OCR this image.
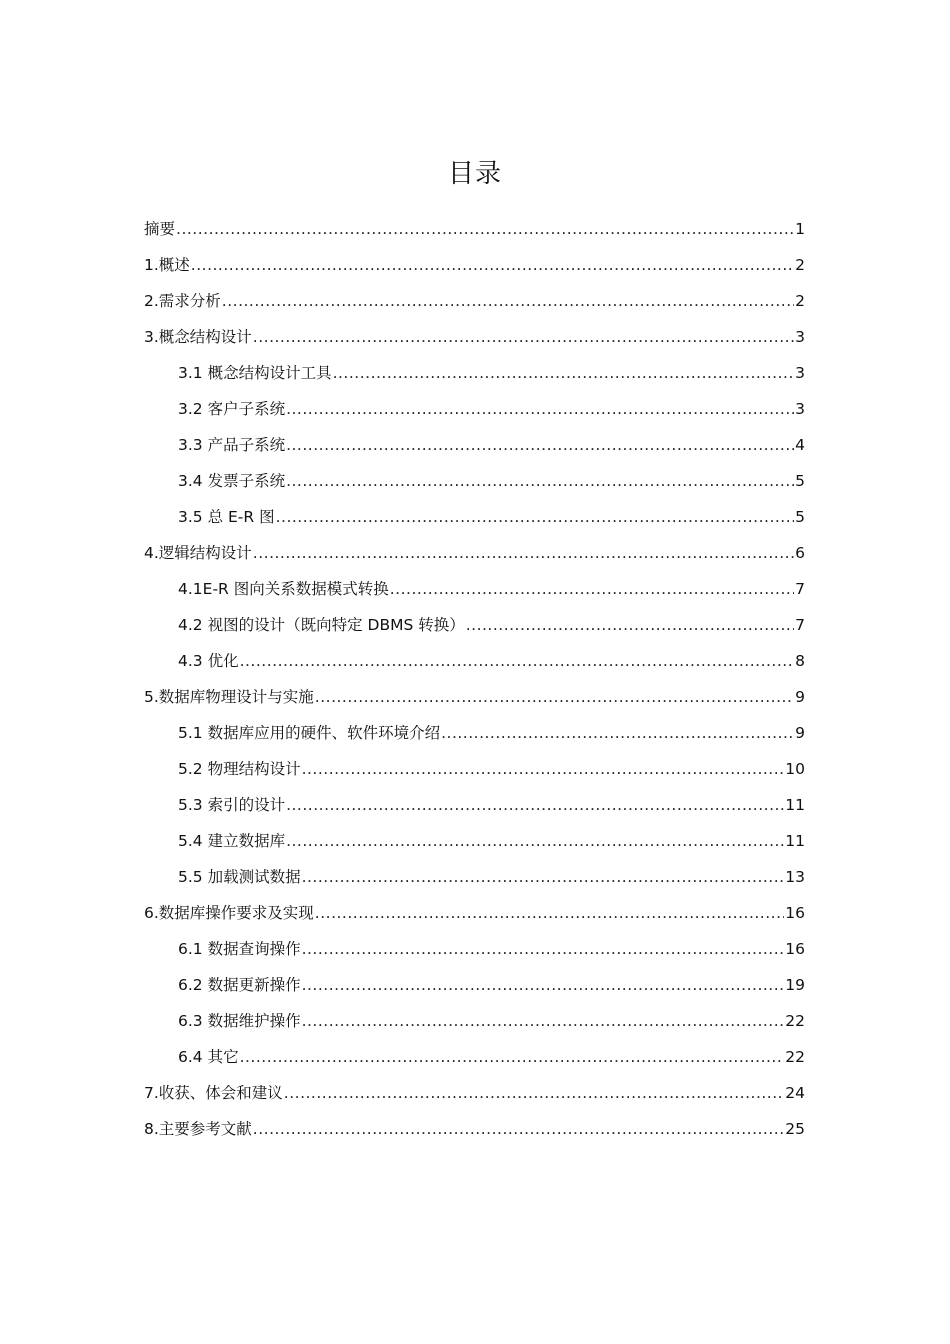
目录
摘要 .....	1
1.概述 .....	2
2.需求分析 .....	2
3.概念结构设计 .....	3
3.1 概念结构设计工具 .....	3
3.2 客户子系统 .....	3
3.3 产品子系统 .....	4
3.4 发票子系统 .....	5
3.5 总 E-R 图 .....	5
4.逻辑结构设计 .....	6
4.1E-R 图向关系数据模式转换 .....	7
4.2 视图的设计（既向特定 DBMS 转换） .....	7
4.3 优化 .....	8
5.数据库物理设计与实施 .....	9
5.1 数据库应用的硬件、软件环境介绍 .....	9
5.2 物理结构设计 .....	10
5.3 索引的设计 .....	11
5.4 建立数据库 .....	11
5.5 加载测试数据 .....	13
6.数据库操作要求及实现 .....	16
6.1 数据查询操作 .....	16
6.2 数据更新操作 .....	19
6.3 数据维护操作 .....	22
6.4 其它 .....	22
7.收获、体会和建议 .....	24
8.主要参考文献 .....	25
